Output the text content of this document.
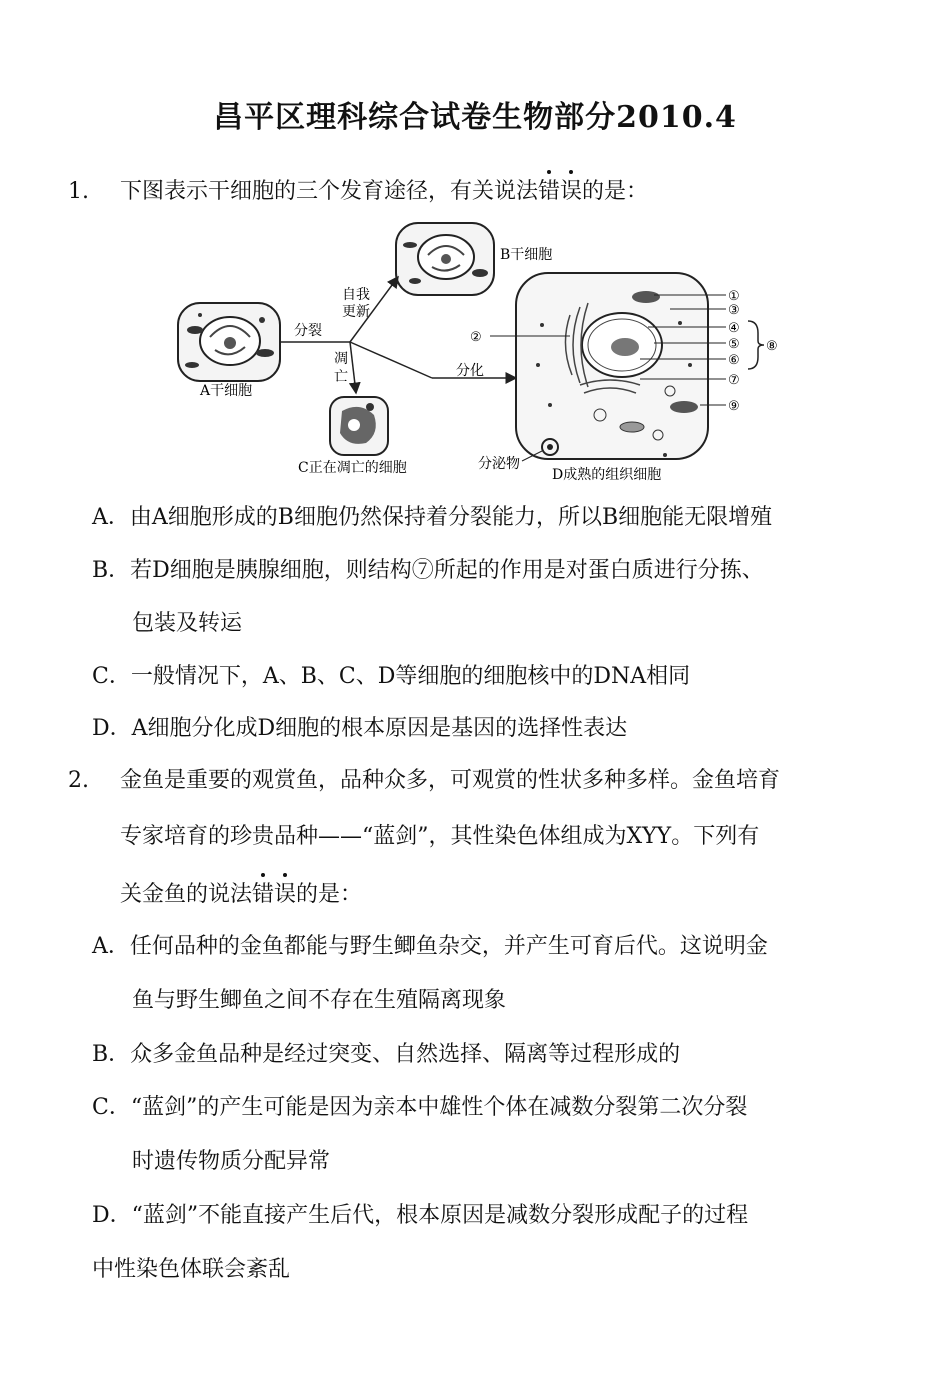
昌平区理科综合试卷生物部分2010.4
1. 下图表示干细胞的三个发育途径，有关说法错误的是：
A干细胞
B干细胞
C正在凋亡的细胞
分裂
自我
更新
凋
亡	分化
分泌物
D成熟的组织细胞
①
③
④
⑤
⑥
⑦
⑨
②
⑧
A．由A细胞形成的B细胞仍然保持着分裂能力，所以B细胞能无限增殖
B．若D细胞是胰腺细胞，则结构⑦所起的作用是对蛋白质进行分拣、
包装及转运
C．一般情况下，A、B、C、D等细胞的细胞核中的DNA相同
D．A细胞分化成D细胞的根本原因是基因的选择性表达
2. 金鱼是重要的观赏鱼，品种众多，可观赏的性状多种多样。金鱼培育
专家培育的珍贵品种——“蓝剑”，其性染色体组成为XYY。下列有
关金鱼的说法错误的是：
A．任何品种的金鱼都能与野生鲫鱼杂交，并产生可育后代。这说明金
鱼与野生鲫鱼之间不存在生殖隔离现象
B．众多金鱼品种是经过突变、自然选择、隔离等过程形成的
C．“蓝剑”的产生可能是因为亲本中雄性个体在减数分裂第二次分裂
时遗传物质分配异常
D．“蓝剑”不能直接产生后代，根本原因是减数分裂形成配子的过程
中性染色体联会紊乱
